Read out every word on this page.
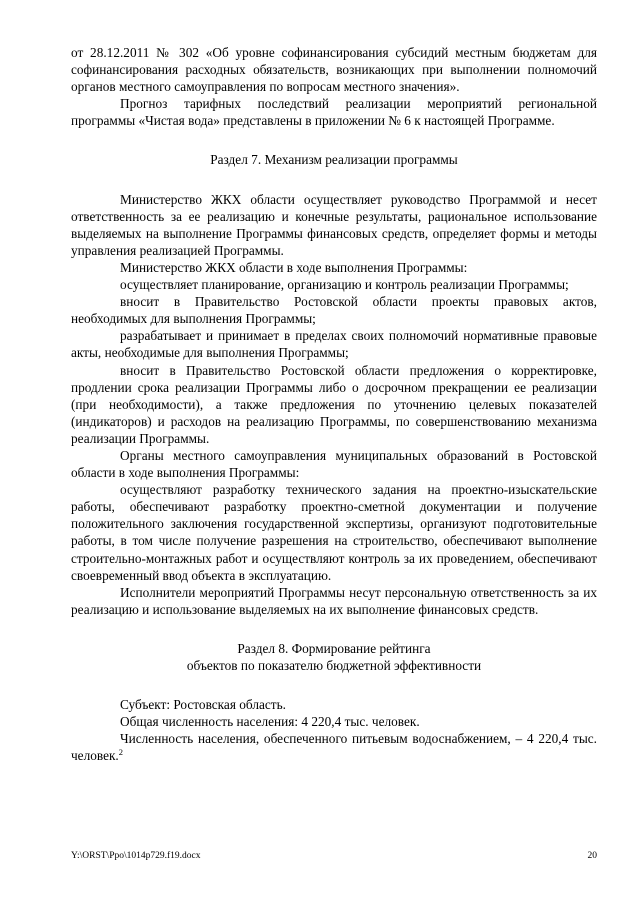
от 28.12.2011 № 302 «Об уровне софинансирования субсидий местным бюджетам для софинансирования расходных обязательств, возникающих при выполнении полномочий органов местного самоуправления по вопросам местного значения».

Прогноз тарифных последствий реализации мероприятий региональной программы «Чистая вода» представлены в приложении № 6 к настоящей Программе.

Раздел 7. Механизм реализации программы

Министерство ЖКХ области осуществляет руководство Программой и несет ответственность за ее реализацию и конечные результаты, рациональное использование выделяемых на выполнение Программы финансовых средств, определяет формы и методы управления реализацией Программы.

Министерство ЖКХ области в ходе выполнения Программы:

осуществляет планирование, организацию и контроль реализации Программы;

вносит в Правительство Ростовской области проекты правовых актов, необходимых для выполнения Программы;

разрабатывает и принимает в пределах своих полномочий нормативные правовые акты, необходимые для выполнения Программы;

вносит в Правительство Ростовской области предложения о корректировке, продлении срока реализации Программы либо о досрочном прекращении ее реализации (при необходимости), а также предложения по уточнению целевых показателей (индикаторов) и расходов на реализацию Программы, по совершенствованию механизма реализации Программы.

Органы местного самоуправления муниципальных образований в Ростовской области в ходе выполнения Программы:

осуществляют разработку технического задания на проектно-изыскательские работы, обеспечивают разработку проектно-сметной документации и получение положительного заключения государственной экспертизы, организуют подготовительные работы, в том числе получение разрешения на строительство, обеспечивают выполнение строительно-монтажных работ и осуществляют контроль за их проведением, обеспечивают своевременный ввод объекта в эксплуатацию.

Исполнители мероприятий Программы несут персональную ответственность за их реализацию и использование выделяемых на их выполнение финансовых средств.

Раздел 8. Формирование рейтинга
объектов по показателю бюджетной эффективности

Субъект: Ростовская область.

Общая численность населения: 4 220,4 тыс. человек.

Численность населения, обеспеченного питьевым водоснабжением, – 4 220,4 тыс. человек.$^2$

Y:\ORST\Ppo\1014p729.f19.docx	20
